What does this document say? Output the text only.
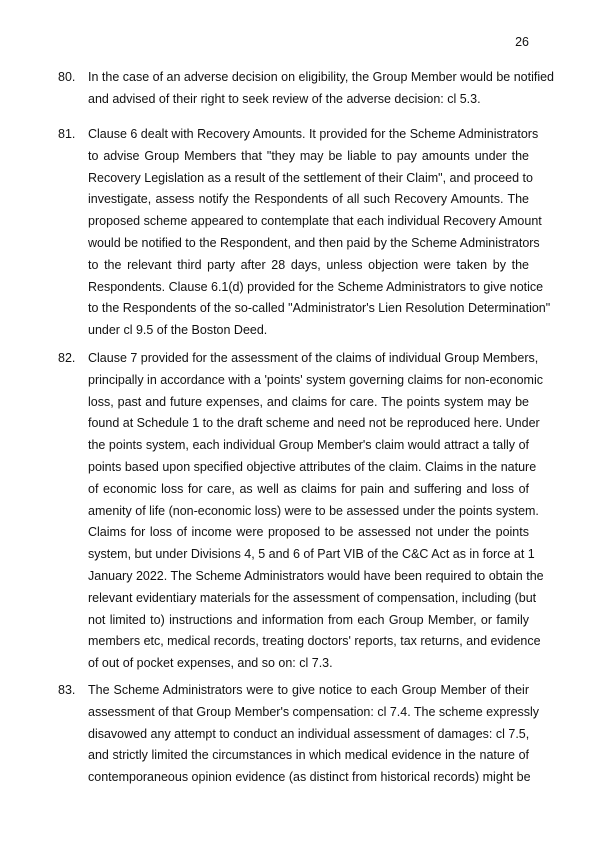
26
80. In the case of an adverse decision on eligibility, the Group Member would be notified
and advised of their right to seek review of the adverse decision: cl 5.3.
81. Clause 6 dealt with Recovery Amounts. It provided for the Scheme Administrators
to advise Group Members that "they may be liable to pay amounts under the
Recovery Legislation as a result of the settlement of their Claim", and proceed to
investigate, assess notify the Respondents of all such Recovery Amounts. The
proposed scheme appeared to contemplate that each individual Recovery Amount
would be notified to the Respondent, and then paid by the Scheme Administrators
to the relevant third party after 28 days, unless objection were taken by the
Respondents. Clause 6.1(d) provided for the Scheme Administrators to give notice
to the Respondents of the so-called "Administrator's Lien Resolution Determination"
under cl 9.5 of the Boston Deed.
82. Clause 7 provided for the assessment of the claims of individual Group Members,
principally in accordance with a 'points' system governing claims for non-economic
loss, past and future expenses, and claims for care. The points system may be
found at Schedule 1 to the draft scheme and need not be reproduced here. Under
the points system, each individual Group Member's claim would attract a tally of
points based upon specified objective attributes of the claim. Claims in the nature
of economic loss for care, as well as claims for pain and suffering and loss of
amenity of life (non-economic loss) were to be assessed under the points system.
Claims for loss of income were proposed to be assessed not under the points
system, but under Divisions 4, 5 and 6 of Part VIB of the C&C Act as in force at 1
January 2022. The Scheme Administrators would have been required to obtain the
relevant evidentiary materials for the assessment of compensation, including (but
not limited to) instructions and information from each Group Member, or family
members etc, medical records, treating doctors' reports, tax returns, and evidence
of out of pocket expenses, and so on: cl 7.3.
83. The Scheme Administrators were to give notice to each Group Member of their
assessment of that Group Member's compensation: cl 7.4. The scheme expressly
disavowed any attempt to conduct an individual assessment of damages: cl 7.5,
and strictly limited the circumstances in which medical evidence in the nature of
contemporaneous opinion evidence (as distinct from historical records) might be
